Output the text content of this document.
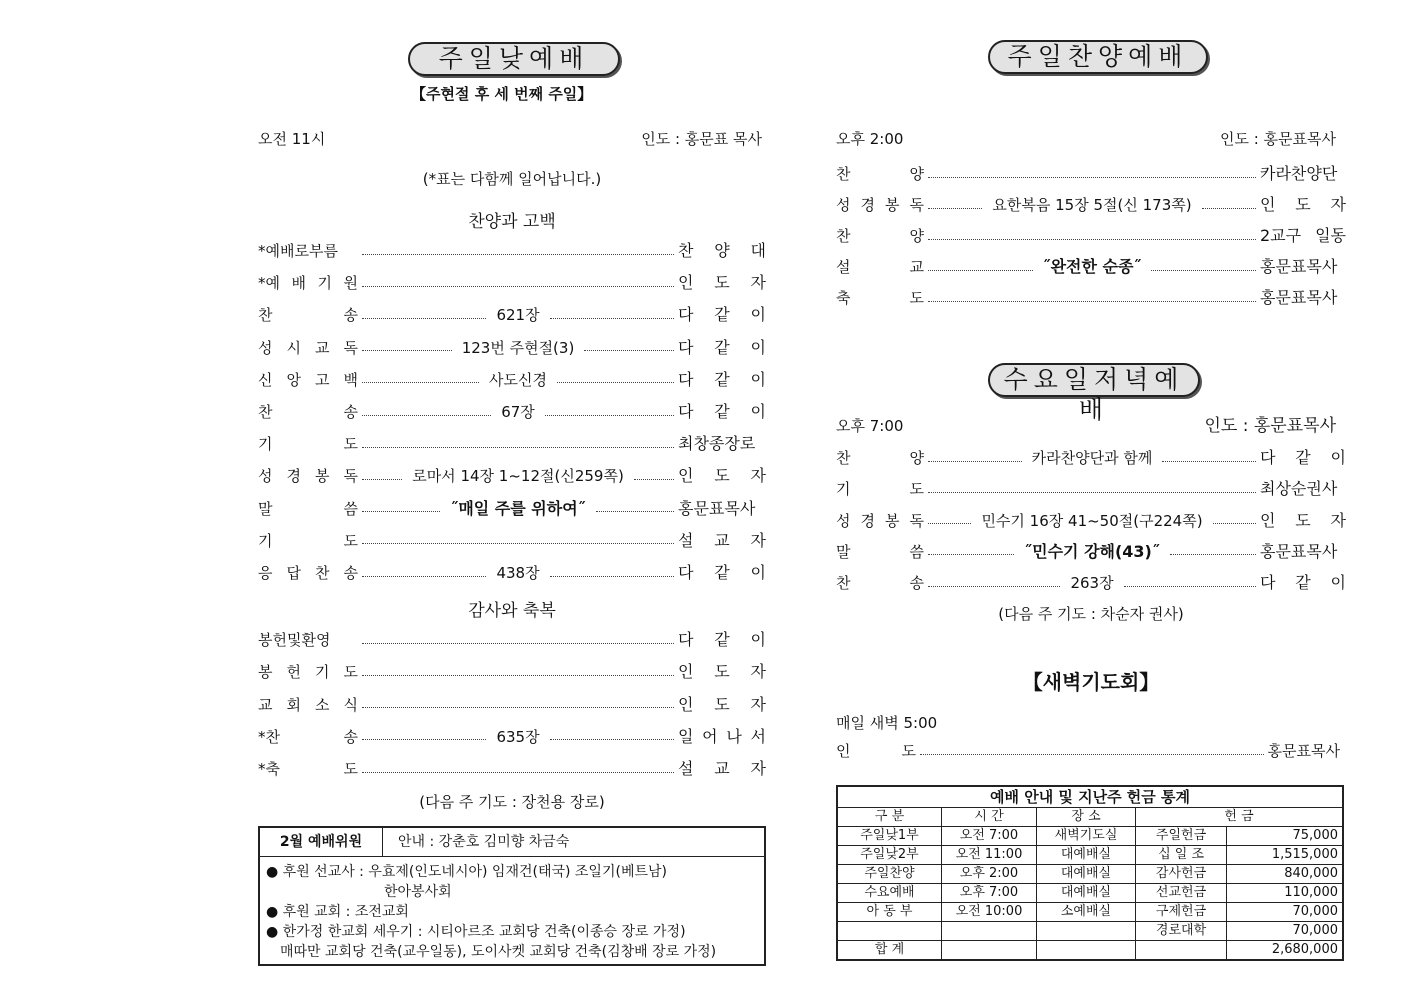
주일낮예배
【주현절 후 세 번째 주일】
오전 11시	인도 : 홍문표 목사
(*표는 다함께 일어납니다.)
찬양과 고백
*예배로부름	찬 양 대
*예 배 기 원	인 도 자
찬 송	621장	다 같 이
성 시 교 독	123번 주현절(3)	다 같 이
신 앙 고 백	사도신경	다 같 이
찬 송	67장	다 같 이
기 도	최창종장로
성 경 봉 독	로마서 14장 1~12절(신259쪽)	인 도 자
말 씀	˝매일 주를 위하여˝	홍문표목사
기 도	설 교 자
응 답 찬 송	438장	다 같 이
감사와 축복
봉헌및환영	다 같 이
봉 헌 기 도	인 도 자
교 회 소 식	인 도 자
*찬 송	635장	일 어 나 서
*축 도	설 교 자
(다음 주 기도 : 장천용 장로)
2월 예배위원	안내 : 강춘호 김미향 차금숙
● 후원 선교사 : 우효제(인도네시아) 임재건(태국) 조일기(베트남)
한아봉사회
● 후원 교회 : 조전교회
● 한가정 한교회 세우기 : 시티아르조 교회당 건축(이종승 장로 가정)
매따만 교회당 건축(교우일동), 도이사켓 교회당 건축(김창배 장로 가정)
주일찬양예배
오후 2:00	인도 : 홍문표목사
찬 양	카라찬양단
성 경 봉 독	요한복음 15장 5절(신 173쪽)	인 도 자
찬 양	2교구 일동
설 교	˝완전한 순종˝	홍문표목사
축 도	홍문표목사
수요일저녁예배
오후 7:00	인도 : 홍문표목사
찬 양	카라찬양단과 함께	다 같 이
기 도	최상순권사
성 경 봉 독	민수기 16장 41~50절(구224쪽)	인 도 자
말 씀	˝민수기 강해(43)˝	홍문표목사
찬 송	263장	다 같 이
(다음 주 기도 : 차순자 권사)
【새벽기도회】
매일 새벽 5:00
인 도	홍문표목사
예배 안내 및 지난주 헌금 통계				
구 분	시 간	장 소	헌 금	
주일낮1부	오전 7:00	새벽기도실	주일헌금	75,000
주일낮2부	오전 11:00	대예배실	십 일 조	1,515,000
주일찬양	오후 2:00	대예배실	감사헌금	840,000
수요예배	오후 7:00	대예배실	선교헌금	110,000
아 동 부	오전 10:00	소예배실	구제헌금	70,000
			경로대학	70,000
합 계				2,680,000
